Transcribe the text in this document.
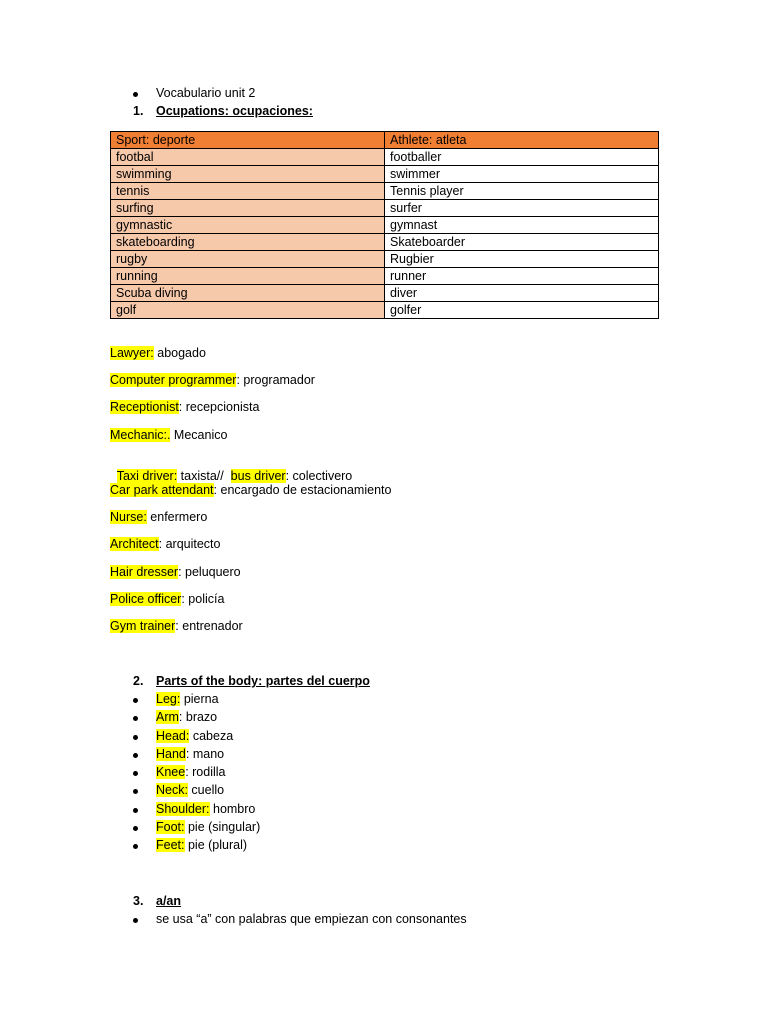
Vocabulario unit 2
1. Ocupations: ocupaciones:
Sport: deporte	Athlete: atleta
footbal	footballer
swimming	swimmer
tennis	Tennis player
surfing	surfer
gymnastic	gymnast
skateboarding	Skateboarder
rugby	Rugbier
running	runner
Scuba diving	diver
golf	golfer
Lawyer: abogado
Computer programmer: programador
Receptionist: recepcionista
Mechanic:. Mecanico

Taxi driver: taxista//  bus driver: colectivero

Car park attendant: encargado de estacionamiento
Nurse: enfermero
Architect: arquitecto
Hair dresser: peluquero
Police officer: policía
Gym trainer: entrenador
2. Parts of the body: partes del cuerpo
Leg: pierna
Arm: brazo
Head: cabeza
Hand: mano
Knee: rodilla
Neck: cuello
Shoulder: hombro
Foot: pie (singular)
Feet: pie (plural)
3. a/an
se usa “a” con palabras que empiezan con consonantes
